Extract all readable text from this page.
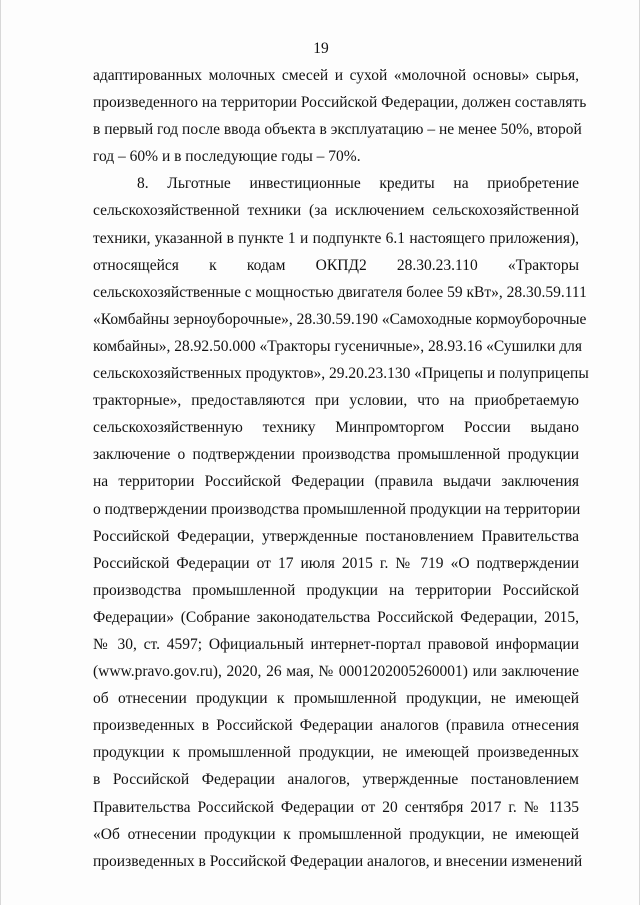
19
адаптированных молочных смесей и сухой «молочной основы» сырья,
произведенного на территории Российской Федерации, должен составлять
в первый год после ввода объекта в эксплуатацию – не менее 50%, второй
год – 60% и в последующие годы – 70%.
8. Льготные инвестиционные кредиты на приобретение
сельскохозяйственной техники (за исключением сельскохозяйственной
техники, указанной в пункте 1 и подпункте 6.1 настоящего приложения),
относящейся к кодам ОКПД2 28.30.23.110 «Тракторы
сельскохозяйственные с мощностью двигателя более 59 кВт», 28.30.59.111
«Комбайны зерноуборочные», 28.30.59.190 «Самоходные кормоуборочные
комбайны», 28.92.50.000 «Тракторы гусеничные», 28.93.16 «Сушилки для
сельскохозяйственных продуктов», 29.20.23.130 «Прицепы и полуприцепы
тракторные», предоставляются при условии, что на приобретаемую
сельскохозяйственную технику Минпромторгом России выдано
заключение о подтверждении производства промышленной продукции
на территории Российской Федерации (правила выдачи заключения
о подтверждении производства промышленной продукции на территории
Российской Федерации, утвержденные постановлением Правительства
Российской Федерации от 17 июля 2015 г. № 719 «О подтверждении
производства промышленной продукции на территории Российской
Федерации» (Собрание законодательства Российской Федерации, 2015,
№ 30, ст. 4597; Официальный интернет-портал правовой информации
(www.pravo.gov.ru), 2020, 26 мая, № 0001202005260001) или заключение
об отнесении продукции к промышленной продукции, не имеющей
произведенных в Российской Федерации аналогов (правила отнесения
продукции к промышленной продукции, не имеющей произведенных
в Российской Федерации аналогов, утвержденные постановлением
Правительства Российской Федерации от 20 сентября 2017 г. № 1135
«Об отнесении продукции к промышленной продукции, не имеющей
произведенных в Российской Федерации аналогов, и внесении изменений
